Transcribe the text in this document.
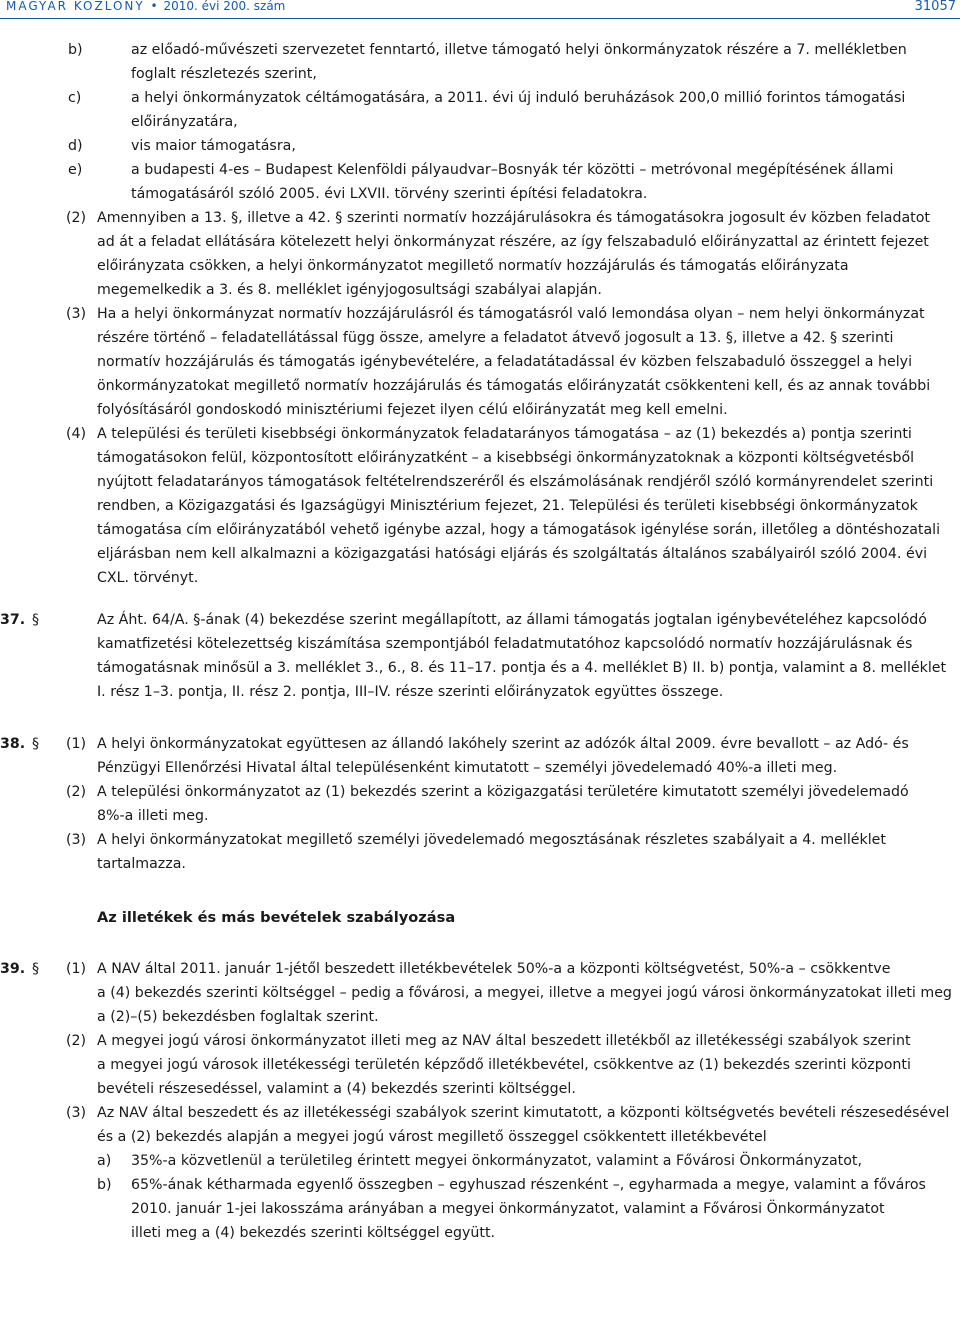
MAGYAR KÖZLÖNY • 2010. évi 200. szám	31057
b)	az előadó-művészeti szervezetet fenntartó, illetve támogató helyi önkormányzatok részére a 7. mellékletben
foglalt részletezés szerint,
c)	a helyi önkormányzatok céltámogatására, a 2011. évi új induló beruházások 200,0 millió forintos támogatási
előirányzatára,
d)	vis maior támogatásra,
e)	a budapesti 4-es – Budapest Kelenföldi pályaudvar–Bosnyák tér közötti – metróvonal megépítésének állami
támogatásáról szóló 2005. évi LXVII. törvény szerinti építési feladatokra.
(2) Amennyiben a 13. §, illetve a 42. § szerinti normatív hozzájárulásokra és támogatásokra jogosult év közben feladatot
ad át a feladat ellátására kötelezett helyi önkormányzat részére, az így felszabaduló előirányzattal az érintett fejezet
előirányzata csökken, a helyi önkormányzatot megillető normatív hozzájárulás és támogatás előirányzata
megemelkedik a 3. és 8. melléklet igényjogosultsági szabályai alapján.
(3) Ha a helyi önkormányzat normatív hozzájárulásról és támogatásról való lemondása olyan – nem helyi önkormányzat
részére történő – feladatellátással függ össze, amelyre a feladatot átvevő jogosult a 13. §, illetve a 42. § szerinti
normatív hozzájárulás és támogatás igénybevételére, a feladatátadással év közben felszabaduló összeggel a helyi
önkormányzatokat megillető normatív hozzájárulás és támogatás előirányzatát csökkenteni kell, és az annak további
folyósításáról gondoskodó minisztériumi fejezet ilyen célú előirányzatát meg kell emelni.
(4) A települési és területi kisebbségi önkormányzatok feladatarányos támogatása – az (1) bekezdés a) pontja szerinti
támogatásokon felül, központosított előirányzatként – a kisebbségi önkormányzatoknak a központi költségvetésből
nyújtott feladatarányos támogatások feltételrendszeréről és elszámolásának rendjéről szóló kormányrendelet szerinti
rendben, a Közigazgatási és Igazságügyi Minisztérium fejezet, 21. Települési és területi kisebbségi önkormányzatok
támogatása cím előirányzatából vehető igénybe azzal, hogy a támogatások igénylése során, illetőleg a döntéshozatali
eljárásban nem kell alkalmazni a közigazgatási hatósági eljárás és szolgáltatás általános szabályairól szóló 2004. évi
CXL. törvényt.
37. §	Az Áht. 64/A. §-ának (4) bekezdése szerint megállapított, az állami támogatás jogtalan igénybevételéhez kapcsolódó
kamatfizetési kötelezettség kiszámítása szempontjából feladatmutatóhoz kapcsolódó normatív hozzájárulásnak és
támogatásnak minősül a 3. melléklet 3., 6., 8. és 11–17. pontja és a 4. melléklet B) II. b) pontja, valamint a 8. melléklet
I. rész 1–3. pontja, II. rész 2. pontja, III–IV. része szerinti előirányzatok együttes összege.
38. § (1) A helyi önkormányzatokat együttesen az állandó lakóhely szerint az adózók által 2009. évre bevallott – az Adó- és
Pénzügyi Ellenőrzési Hivatal által településenként kimutatott – személyi jövedelemadó 40%-a illeti meg.
(2) A települési önkormányzatot az (1) bekezdés szerint a közigazgatási területére kimutatott személyi jövedelemadó
8%-a illeti meg.
(3) A helyi önkormányzatokat megillető személyi jövedelemadó megosztásának részletes szabályait a 4. melléklet
tartalmazza.
Az illetékek és más bevételek szabályozása
39. § (1) A NAV által 2011. január 1-jétől beszedett illetékbevételek 50%-a a központi költségvetést, 50%-a – csökkentve
a (4) bekezdés szerinti költséggel – pedig a fővárosi, a megyei, illetve a megyei jogú városi önkormányzatokat illeti meg
a (2)–(5) bekezdésben foglaltak szerint.
(2) A megyei jogú városi önkormányzatot illeti meg az NAV által beszedett illetékből az illetékességi szabályok szerint
a megyei jogú városok illetékességi területén képződő illetékbevétel, csökkentve az (1) bekezdés szerinti központi
bevételi részesedéssel, valamint a (4) bekezdés szerinti költséggel.
(3) Az NAV által beszedett és az illetékességi szabályok szerint kimutatott, a központi költségvetés bevételi részesedésével
és a (2) bekezdés alapján a megyei jogú várost megillető összeggel csökkentett illetékbevétel
a) 35%-a közvetlenül a területileg érintett megyei önkormányzatot, valamint a Fővárosi Önkormányzatot,
b) 65%-ának kétharmada egyenlő összegben – egyhuszad részenként –, egyharmada a megye, valamint a főváros
2010. január 1-jei lakosszáma arányában a megyei önkormányzatot, valamint a Fővárosi Önkormányzatot
illeti meg a (4) bekezdés szerinti költséggel együtt.
